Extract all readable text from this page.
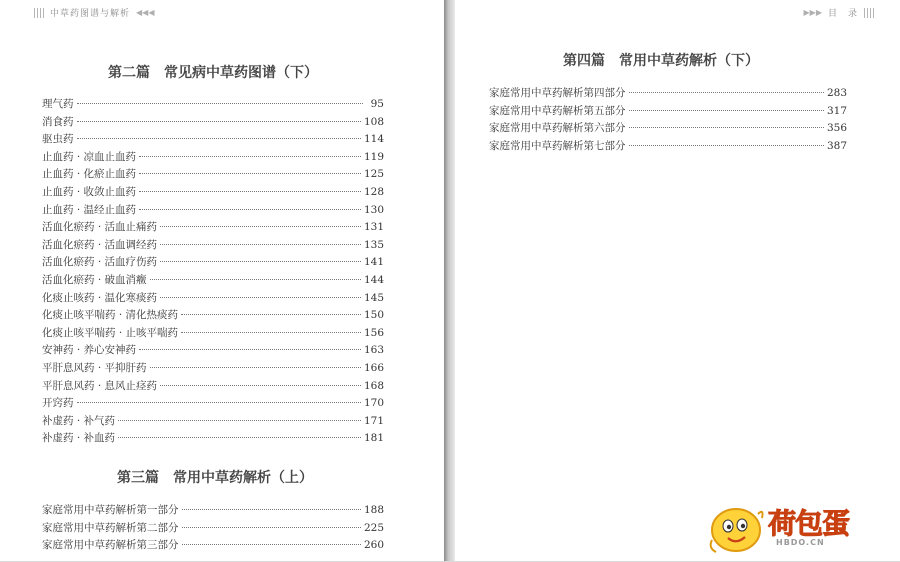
中草药图谱与解析 ◀◀◀
第二篇　常见病中草药图谱（下）
理气药	95
消食药	108
驱虫药	114
止血药 · 凉血止血药	119
止血药 · 化瘀止血药	125
止血药 · 收敛止血药	128
止血药 · 温经止血药	130
活血化瘀药 · 活血止痛药	131
活血化瘀药 · 活血调经药	135
活血化瘀药 · 活血疗伤药	141
活血化瘀药 · 破血消癥	144
化痰止咳药 · 温化寒痰药	145
化痰止咳平喘药 · 清化热痰药	150
化痰止咳平喘药 · 止咳平喘药	156
安神药 · 养心安神药	163
平肝息风药 · 平抑肝药	166
平肝息风药 · 息风止痉药	168
开窍药	170
补虚药 · 补气药	171
补虚药 · 补血药	181
第三篇　常用中草药解析（上）
家庭常用中草药解析第一部分	188
家庭常用中草药解析第二部分	225
家庭常用中草药解析第三部分	260
▶▶▶ 目　录
第四篇　常用中草药解析（下）
家庭常用中草药解析第四部分	283
家庭常用中草药解析第五部分	317
家庭常用中草药解析第六部分	356
家庭常用中草药解析第七部分	387
荷包蛋
HBDO.CN
